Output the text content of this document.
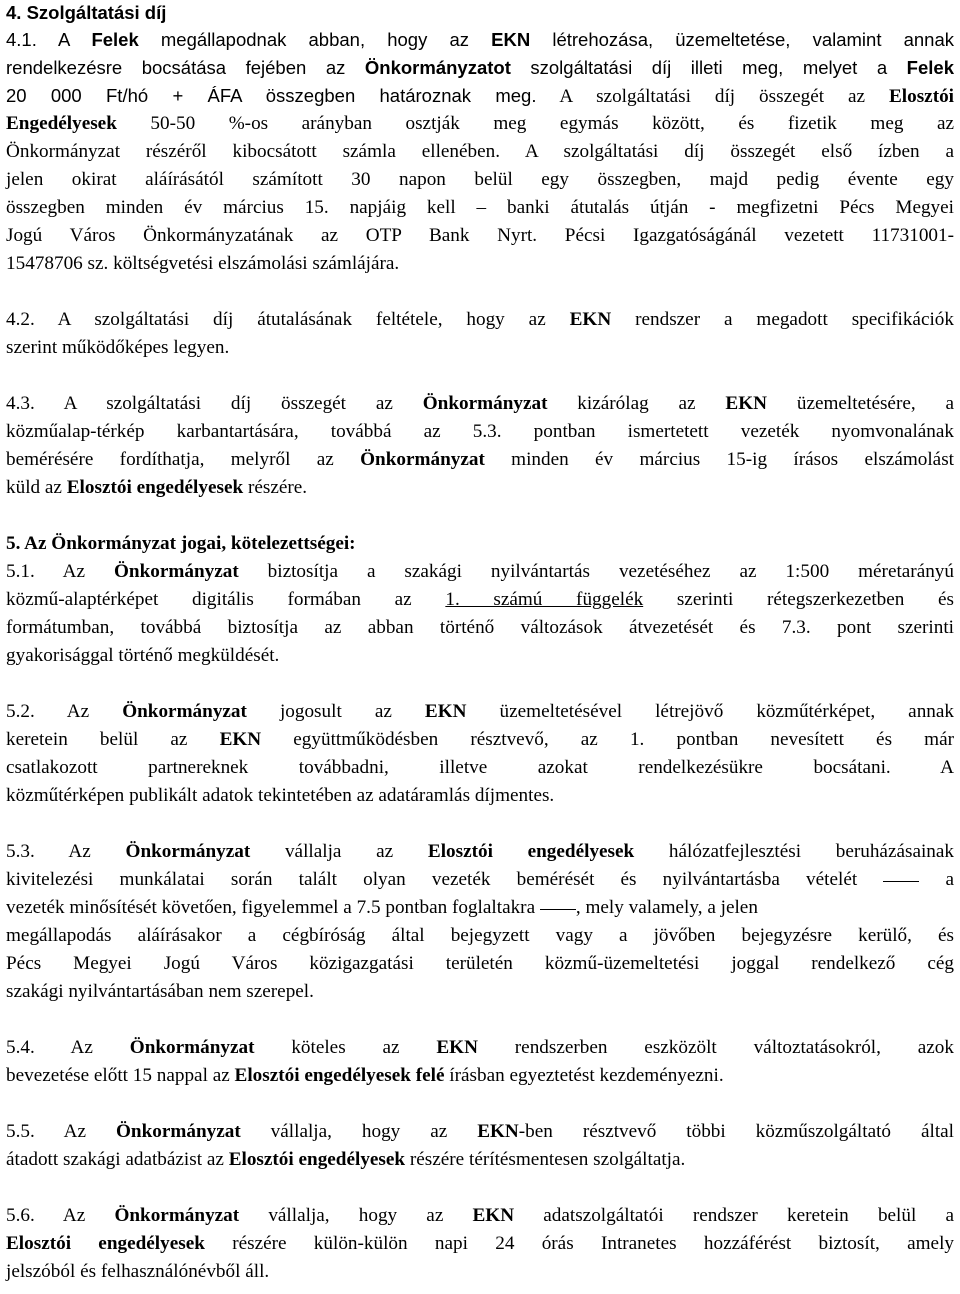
4. Szolgáltatási díj
4.1. A Felek megállapodnak abban, hogy az EKN létrehozása, üzemeltetése, valamint annak
rendelkezésre bocsátása fejében az Önkormányzatot szolgáltatási díj illeti meg, melyet a Felek
20 000 Ft/hó + ÁFA összegben határoznak meg. A szolgáltatási díj összegét az Elosztói
Engedélyesek 50-50 %-os arányban osztják meg egymás között, és fizetik meg az
Önkormányzat részéről kibocsátott számla ellenében. A szolgáltatási díj összegét első ízben a
jelen okirat aláírásától számított 30 napon belül egy összegben, majd pedig évente egy
összegben minden év március 15. napjáig kell – banki átutalás útján - megfizetni Pécs Megyei
Jogú Város Önkormányzatának az OTP Bank Nyrt. Pécsi Igazgatóságánál vezetett 11731001-
15478706 sz. költségvetési elszámolási számlájára.
4.2. A szolgáltatási díj átutalásának feltétele, hogy az EKN rendszer a megadott specifikációk
szerint működőképes legyen.
4.3. A szolgáltatási díj összegét az Önkormányzat kizárólag az EKN üzemeltetésére, a
közműalap-térkép karbantartására, továbbá az 5.3. pontban ismertetett vezeték nyomvonalának
bemérésére fordíthatja, melyről az Önkormányzat minden év március 15-ig írásos elszámolást
küld az Elosztói engedélyesek részére.
5. Az Önkormányzat jogai, kötelezettségei:
5.1. Az Önkormányzat biztosítja a szakági nyilvántartás vezetéséhez az 1:500 méretarányú
közmű-alaptérképet digitális formában az 1. számú függelék szerinti rétegszerkezetben és
formátumban, továbbá biztosítja az abban történő változások átvezetését és 7.3. pont szerinti
gyakorisággal történő megküldését.
5.2. Az Önkormányzat jogosult az EKN üzemeltetésével létrejövő közműtérképet, annak
keretein belül az EKN együttműködésben résztvevő, az 1. pontban nevesített és már
csatlakozott partnereknek továbbadni, illetve azokat rendelkezésükre bocsátani. A
közműtérképen publikált adatok tekintetében az adatáramlás díjmentes.
5.3. Az Önkormányzat vállalja az Elosztói engedélyesek hálózatfejlesztési beruházásainak
kivitelezési munkálatai során talált olyan vezeték bemérését és nyilvántartásba vételét	a
vezeték minősítését követően, figyelemmel a 7.5 pontban foglaltakra , mely valamely, a jelen
megállapodás aláírásakor a cégbíróság által bejegyzett vagy a jövőben bejegyzésre kerülő, és
Pécs Megyei Jogú Város közigazgatási területén közmű-üzemeltetési joggal rendelkező cég
szakági nyilvántartásában nem szerepel.
5.4. Az Önkormányzat köteles az EKN rendszerben eszközölt változtatásokról, azok
bevezetése előtt 15 nappal az Elosztói engedélyesek felé írásban egyeztetést kezdeményezni.
5.5. Az Önkormányzat vállalja, hogy az EKN-ben résztvevő többi közműszolgáltató által
átadott szakági adatbázist az Elosztói engedélyesek részére térítésmentesen szolgáltatja.
5.6. Az Önkormányzat vállalja, hogy az EKN adatszolgáltatói rendszer keretein belül a
Elosztói engedélyesek részére külön-külön napi 24 órás Intranetes hozzáférést biztosít, amely
jelszóból és felhasználónévből áll.
